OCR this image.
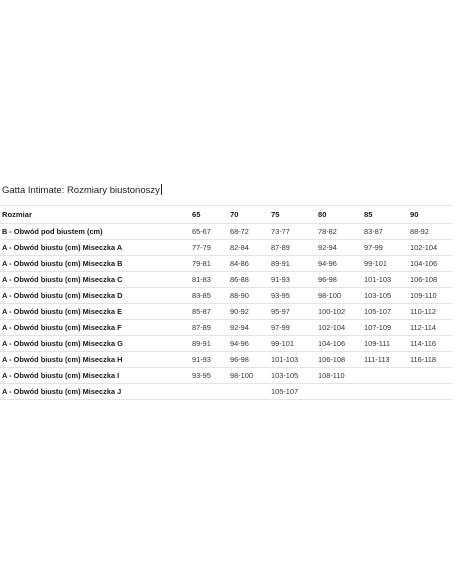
Gatta Intimate: Rozmiary biustonoszy
Rozmiar	65	70	75	80	85	90
B - Obwód pod biustem (cm)	65-67	68-72	73-77	78-82	83-87	88-92
A - Obwód biustu (cm) Miseczka A	77-79	82-84	87-89	92-94	97-99	102-104
A - Obwód biustu (cm) Miseczka B	79-81	84-86	89-91	94-96	99-101	104-106
A - Obwód biustu (cm) Miseczka C	81-83	86-88	91-93	96-98	101-103	106-108
A - Obwód biustu (cm) Miseczka D	83-85	88-90	93-95	98-100	103-105	109-110
A - Obwód biustu (cm) Miseczka E	85-87	90-92	95-97	100-102	105-107	110-112
A - Obwód biustu (cm) Miseczka F	87-89	92-94	97-99	102-104	107-109	112-114
A - Obwód biustu (cm) Miseczka G	89-91	94-96	99-101	104-106	109-111	114-116
A - Obwód biustu (cm) Miseczka H	91-93	96-98	101-103	106-108	111-113	116-118
A - Obwód biustu (cm) Miseczka I	93-95	98-100	103-105	108-110		
A - Obwód biustu (cm) Miseczka J			105-107			
